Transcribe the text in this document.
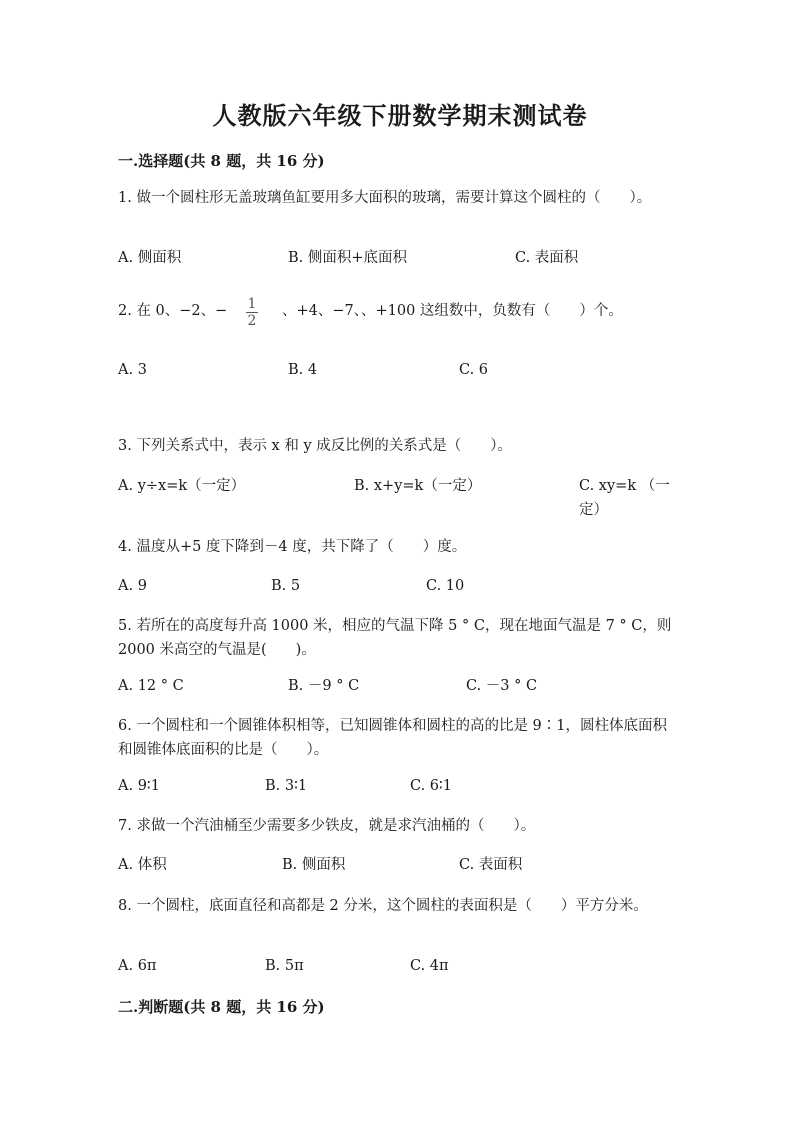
人教版六年级下册数学期末测试卷
一.选择题(共 8 题，共 16 分)

1. 做一个圆柱形无盖玻璃鱼缸要用多大面积的玻璃，需要计算这个圆柱的（　　）。

A. 侧面积	B. 侧面积+底面积	C. 表面积
2. 在 0、−2、− 1
2
、+4、−7、、+100 这组数中，负数有（　　）个。
A. 3	B. 4	C. 6

3. 下列关系式中，表示 x 和 y 成反比例的关系式是（　　）。

A. y÷x=k（一定）	B. x+y=k（一定）	C. xy=k （一定）

4. 温度从+5 度下降到－4 度，共下降了（　　）度。

A. 9	B. 5	C. 10

5. 若所在的高度每升高 1000 米，相应的气温下降 5 ° C，现在地面气温是 7 ° C，则 2000 米高空的气温是(　　)。

A. 12 ° C	B. －9 ° C	C. －3 ° C

6. 一个圆柱和一个圆锥体积相等，已知圆锥体和圆柱的高的比是 9∶1，圆柱体底面积和圆锥体底面积的比是（　　）。

A. 9∶1	B. 3∶1	C. 6∶1

7. 求做一个汽油桶至少需要多少铁皮，就是求汽油桶的（　　）。

A. 体积	B. 侧面积	C. 表面积

8. 一个圆柱，底面直径和高都是 2 分米，这个圆柱的表面积是（　　）平方分米。

A. 6π	B. 5π	C. 4π
二.判断题(共 8 题，共 16 分)
